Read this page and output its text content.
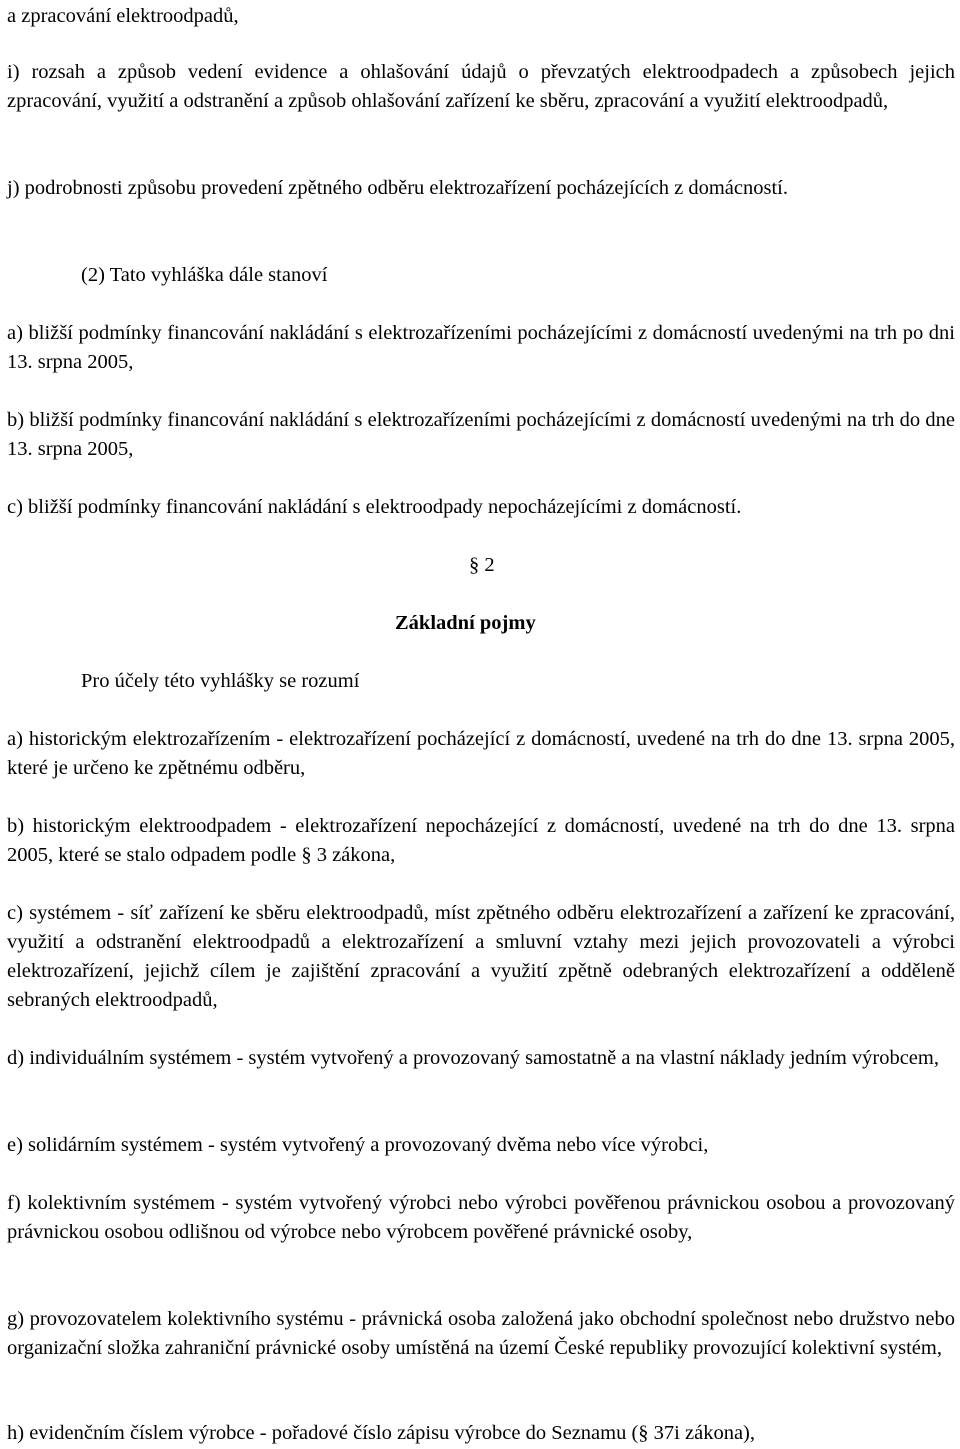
a zpracování elektroodpadů,

i) rozsah a způsob vedení evidence a ohlašování údajů o převzatých elektroodpadech a způsobech jejich zpracování, využití a odstranění a způsob ohlašování zařízení ke sběru, zpracování a využití elektroodpadů,

j) podrobnosti způsobu provedení zpětného odběru elektrozařízení pocházejících z domácností.

(2) Tato vyhláška dále stanoví

a) bližší podmínky financování nakládání s elektrozařízeními pocházejícími z domácností uvedenými na trh po dni 13. srpna 2005,

b) bližší podmínky financování nakládání s elektrozařízeními pocházejícími z domácností uvedenými na trh do dne 13. srpna 2005,

c) bližší podmínky financování nakládání s elektroodpady nepocházejícími z domácností.

§ 2

Základní pojmy

Pro účely této vyhlášky se rozumí

a) historickým elektrozařízením - elektrozařízení pocházející z domácností, uvedené na trh do dne 13. srpna 2005, které je určeno ke zpětnému odběru,

b) historickým elektroodpadem - elektrozařízení nepocházející z domácností, uvedené na trh do dne 13. srpna 2005, které se stalo odpadem podle § 3 zákona,

c) systémem - síť zařízení ke sběru elektroodpadů, míst zpětného odběru elektrozařízení a zařízení ke zpracování, využití a odstranění elektroodpadů a elektrozařízení a smluvní vztahy mezi jejich provozovateli a výrobci elektrozařízení, jejichž cílem je zajištění zpracování a využití zpětně odebraných elektrozařízení a odděleně sebraných elektroodpadů,

d) individuálním systémem - systém vytvořený a provozovaný samostatně a na vlastní náklady jedním výrobcem,

e) solidárním systémem - systém vytvořený a provozovaný dvěma nebo více výrobci,

f) kolektivním systémem - systém vytvořený výrobci nebo výrobci pověřenou právnickou osobou a provozovaný právnickou osobou odlišnou od výrobce nebo výrobcem pověřené právnické osoby,

g) provozovatelem kolektivního systému - právnická osoba založená jako obchodní společnost nebo družstvo nebo organizační složka zahraniční právnické osoby umístěná na území České republiky provozující kolektivní systém,

h) evidenčním číslem výrobce - pořadové číslo zápisu výrobce do Seznamu (§ 37i zákona),
